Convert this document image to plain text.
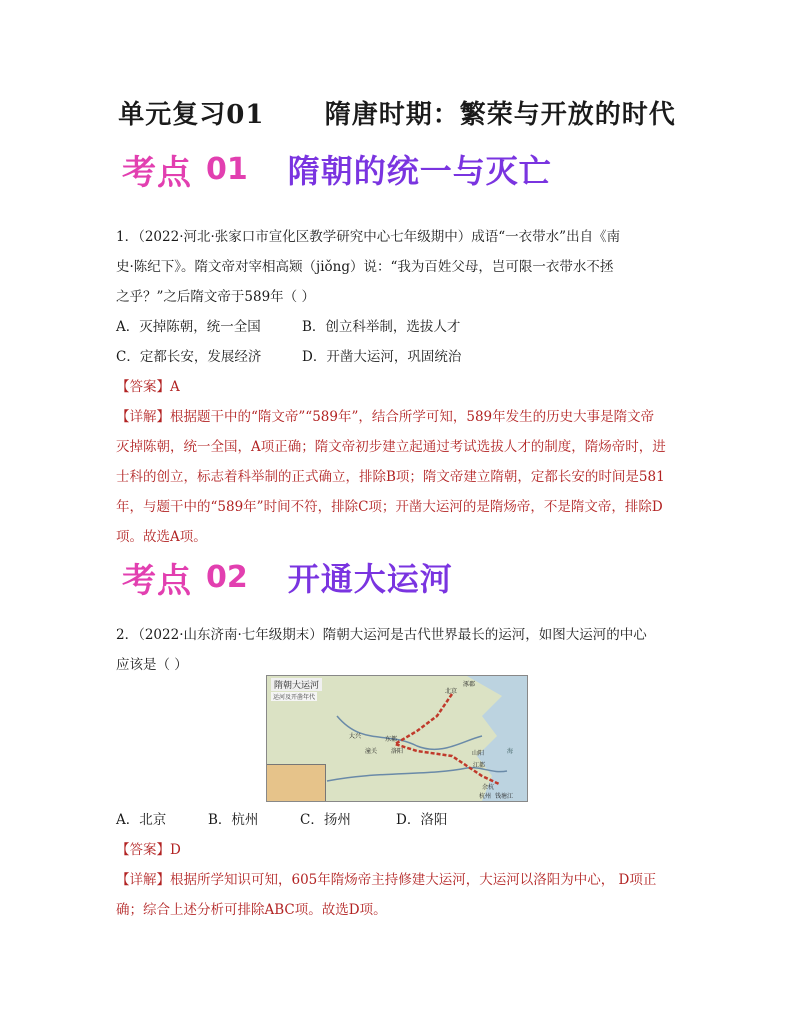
单元复习01      隋唐时期：繁荣与开放的时代
考点 01 隋朝的统一与灭亡

1．（2022·河北·张家口市宣化区教学研究中心七年级期中）成语“一衣带水”出自《南

史·陈纪下》。隋文帝对宰相高颎（jiǒng）说：“我为百姓父母，岂可限一衣带水不拯

之乎？”之后隋文帝于589年（ ）

A．灭掉陈朝，统一全国	B．创立科举制，选拔人才
C．定都长安，发展经济	D．开凿大运河，巩固统治

【答案】A

【详解】根据题干中的“隋文帝”“589年”，结合所学可知，589年发生的历史大事是隋文帝

灭掉陈朝，统一全国，A项正确；隋文帝初步建立起通过考试选拔人才的制度，隋炀帝时，进

士科的创立，标志着科举制的正式确立，排除B项；隋文帝建立隋朝，定都长安的时间是581

年，与题干中的“589年”时间不符，排除C项；开凿大运河的是隋炀帝，不是隋文帝，排除D

项。故选A项。

考点 02 开通大运河

2．（2022·山东济南·七年级期末）隋朝大运河是古代世界最长的运河，如图大运河的中心

应该是（ ）

隋朝大运河
运河及开凿年代
北京
涿郡
大兴	东都
洛阳
潼关	山阳
江都
余杭
杭州 钱塘江
海
A．北京	B．杭州	C．扬州	D．洛阳

【答案】D

【详解】根据所学知识可知，605年隋炀帝主持修建大运河，大运河以洛阳为中心， D项正

确；综合上述分析可排除ABC项。故选D项。
